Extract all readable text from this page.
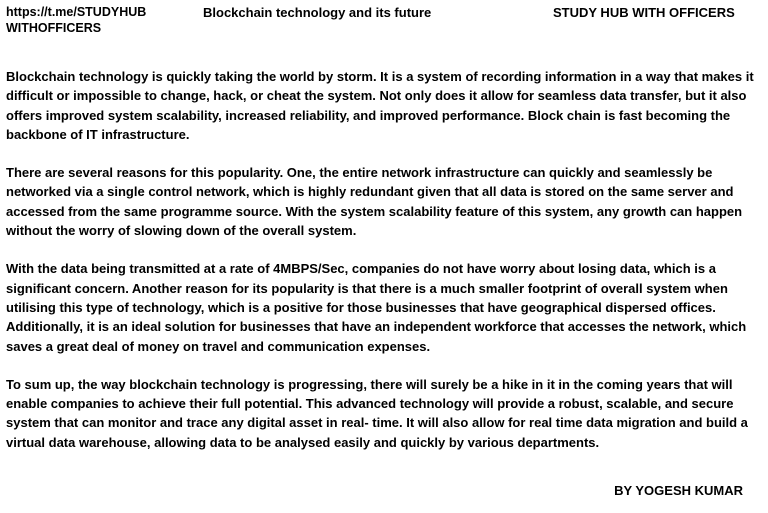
https://t.me/STUDYHUB WITHOFFICERS
Blockchain technology and its future	STUDY HUB WITH OFFICERS

Blockchain technology is quickly taking the world by storm. It is a system of recording information in a way that makes it difficult or impossible to change, hack, or cheat the system. Not only does it allow for seamless data transfer, but it also offers improved system scalability, increased reliability, and improved performance. Block chain is fast becoming the backbone of IT infrastructure.

There are several reasons for this popularity. One, the entire network infrastructure can quickly and seamlessly be networked via a single control network, which is highly redundant given that all data is stored on the same server and accessed from the same programme source. With the system scalability feature of this system, any growth can happen without the worry of slowing down of the overall system.

With the data being transmitted at a rate of 4MBPS/Sec, companies do not have worry about losing data, which is a significant concern. Another reason for its popularity is that there is a much smaller footprint of overall system when utilising this type of technology, which is a positive for those businesses that have geographical dispersed offices. Additionally, it is an ideal solution for businesses that have an independent workforce that accesses the network, which saves a great deal of money on travel and communication expenses.

To sum up, the way blockchain technology is progressing, there will surely be a hike in it in the coming years that will enable companies to achieve their full potential. This advanced technology will provide a robust, scalable, and secure system that can monitor and trace any digital asset in real- time. It will also allow for real time data migration and build a virtual data warehouse, allowing data to be analysed easily and quickly by various departments.

BY YOGESH KUMAR
